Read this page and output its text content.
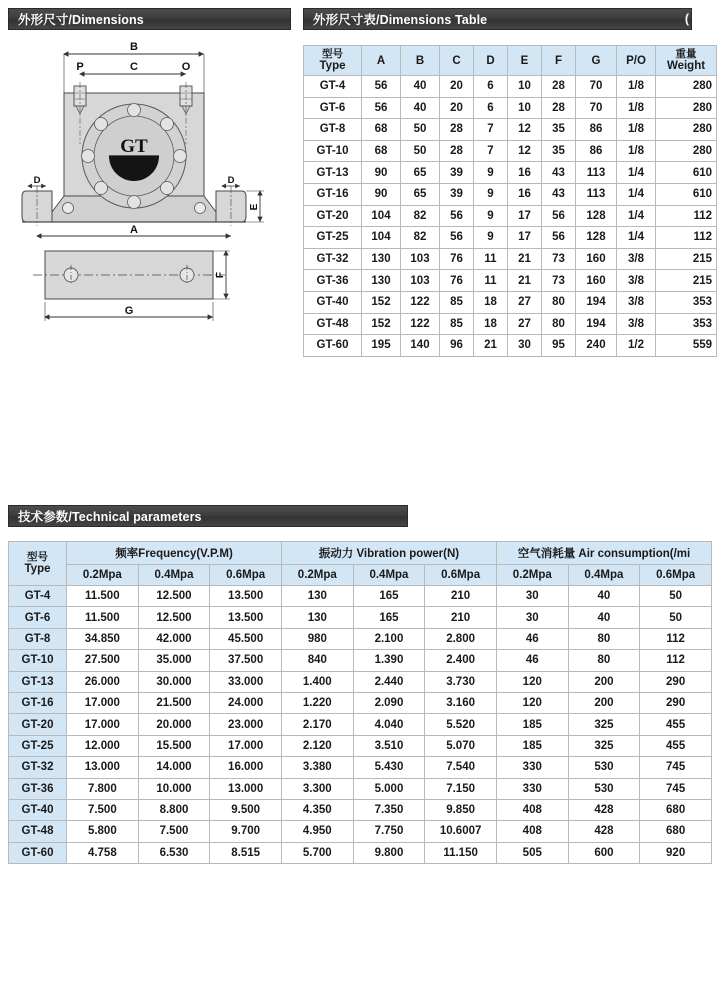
外形尺寸/Dimensions	外形尺寸表/Dimensions Table	(
GT
B
C
P	O
D	D
E
A
F
G
型号
Type	A	B	C	D	E	F	G	P/O	重量
Weight

GT-4	56	40	20	6	10	28	70	1/8	280
GT-6	56	40	20	6	10	28	70	1/8	280
GT-8	68	50	28	7	12	35	86	1/8	280
GT-10	68	50	28	7	12	35	86	1/8	280
GT-13	90	65	39	9	16	43	113	1/4	610
GT-16	90	65	39	9	16	43	113	1/4	610
GT-20	104	82	56	9	17	56	128	1/4	112
GT-25	104	82	56	9	17	56	128	1/4	112
GT-32	130	103	76	11	21	73	160	3/8	215
GT-36	130	103	76	11	21	73	160	3/8	215
GT-40	152	122	85	18	27	80	194	3/8	353
GT-48	152	122	85	18	27	80	194	3/8	353
GT-60	195	140	96	21	30	95	240	1/2	559
技术参数/Technical parameters
型号
Type	频率Frequency(V.P.M)			振动力 Vibration power(N)			空气消耗量 Air consumption(/mi		
	0.2Mpa	0.4Mpa	0.6Mpa	0.2Mpa	0.4Mpa	0.6Mpa	0.2Mpa	0.4Mpa	0.6Mpa
GT-4	11.500	12.500	13.500	130	165	210	30	40	50
GT-6	11.500	12.500	13.500	130	165	210	30	40	50
GT-8	34.850	42.000	45.500	980	2.100	2.800	46	80	112
GT-10	27.500	35.000	37.500	840	1.390	2.400	46	80	112
GT-13	26.000	30.000	33.000	1.400	2.440	3.730	120	200	290
GT-16	17.000	21.500	24.000	1.220	2.090	3.160	120	200	290
GT-20	17.000	20.000	23.000	2.170	4.040	5.520	185	325	455
GT-25	12.000	15.500	17.000	2.120	3.510	5.070	185	325	455
GT-32	13.000	14.000	16.000	3.380	5.430	7.540	330	530	745
GT-36	7.800	10.000	13.000	3.300	5.000	7.150	330	530	745
GT-40	7.500	8.800	9.500	4.350	7.350	9.850	408	428	680
GT-48	5.800	7.500	9.700	4.950	7.750	10.6007	408	428	680
GT-60	4.758	6.530	8.515	5.700	9.800	11.150	505	600	920
